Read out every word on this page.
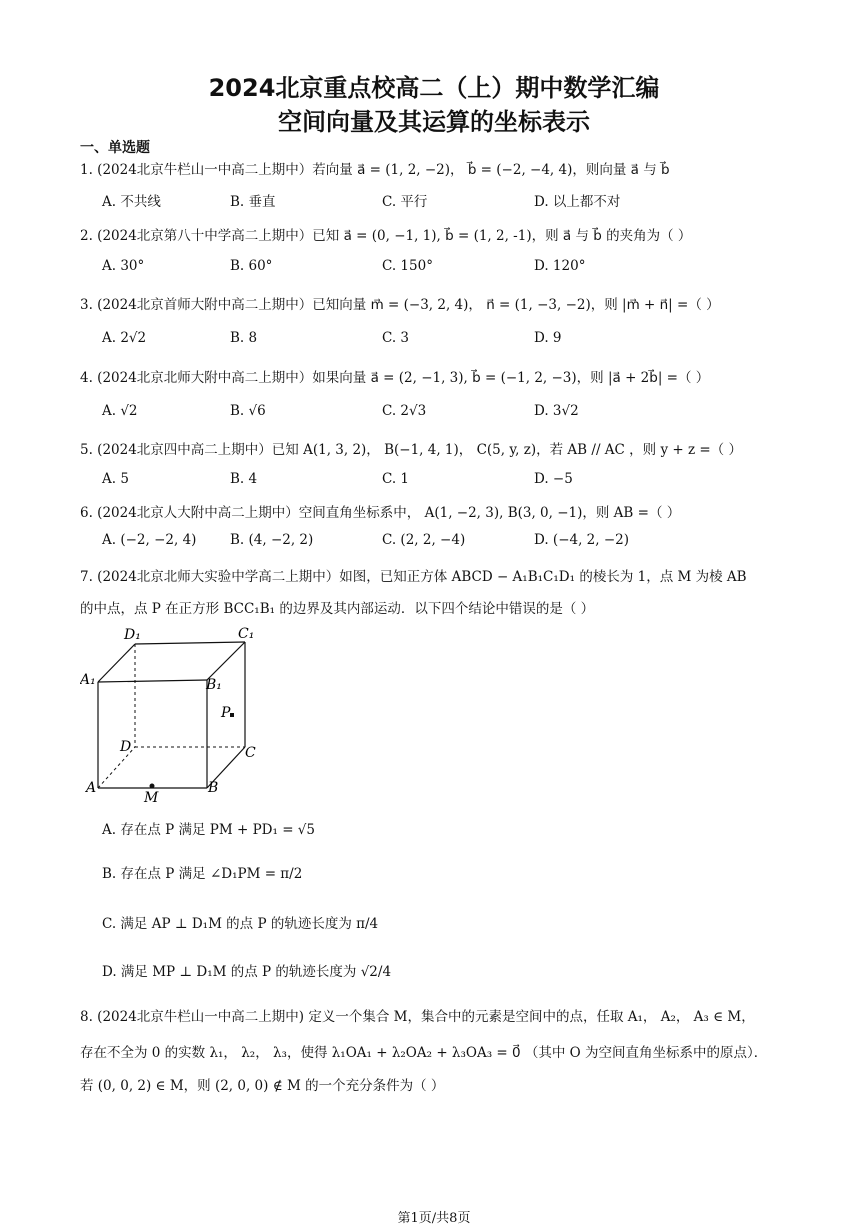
2024北京重点校高二（上）期中数学汇编
空间向量及其运算的坐标表示
一、单选题
1. (2024北京牛栏山一中高二上期中）若向量 a⃗ = (1, 2, −2)， b⃗ = (−2, −4, 4)，则向量 a⃗ 与 b⃗
A. 不共线	B. 垂直	C. 平行	D. 以上都不对
2. (2024北京第八十中学高二上期中）已知 a⃗ = (0, −1, 1), b⃗ = (1, 2, -1)，则 a⃗ 与 b⃗ 的夹角为（ ）
A. 30°	B. 60°	C. 150°	D. 120°
3. (2024北京首师大附中高二上期中）已知向量 m⃗ = (−3, 2, 4)， n⃗ = (1, −3, −2)，则 |m⃗ + n⃗| =（ ）
A. 2√2	B. 8	C. 3	D. 9
4. (2024北京北师大附中高二上期中）如果向量 a⃗ = (2, −1, 3), b⃗ = (−1, 2, −3)，则 |a⃗ + 2b⃗| =（ ）
A. √2	B. √6	C. 2√3	D. 3√2
5. (2024北京四中高二上期中）已知 A(1, 3, 2)， B(−1, 4, 1)， C(5, y, z)，若 AB // AC ，则 y + z =（ ）
A. 5	B. 4	C. 1	D. −5
6. (2024北京人大附中高二上期中）空间直角坐标系中， A(1, −2, 3), B(3, 0, −1)，则 AB =（ ）
A. (−2, −2, 4) B. (4, −2, 2)	C. (2, 2, −4)	D. (−4, 2, −2)
7. (2024北京北师大实验中学高二上期中）如图，已知正方体 ABCD − A₁B₁C₁D₁ 的棱长为 1，点 M 为棱 AB
的中点，点 P 在正方形 BCC₁B₁ 的边界及其内部运动．以下四个结论中错误的是（ ）
D₁	C₁
A₁	B₁
P
D	C
A
M
B
A. 存在点 P 满足 PM + PD₁ = √5
B. 存在点 P 满足 ∠D₁PM = π/2
C. 满足 AP ⊥ D₁M 的点 P 的轨迹长度为 π/4
D. 满足 MP ⊥ D₁M 的点 P 的轨迹长度为 √2/4
8. (2024北京牛栏山一中高二上期中) 定义一个集合 M，集合中的元素是空间中的点，任取 A₁， A₂， A₃ ∈ M，
存在不全为 0 的实数 λ₁， λ₂， λ₃，使得 λ₁OA₁ + λ₂OA₂ + λ₃OA₃ = 0⃗ （其中 O 为空间直角坐标系中的原点）．
若 (0, 0, 2) ∈ M，则 (2, 0, 0) ∉ M 的一个充分条件为（ ）
第1页/共8页
